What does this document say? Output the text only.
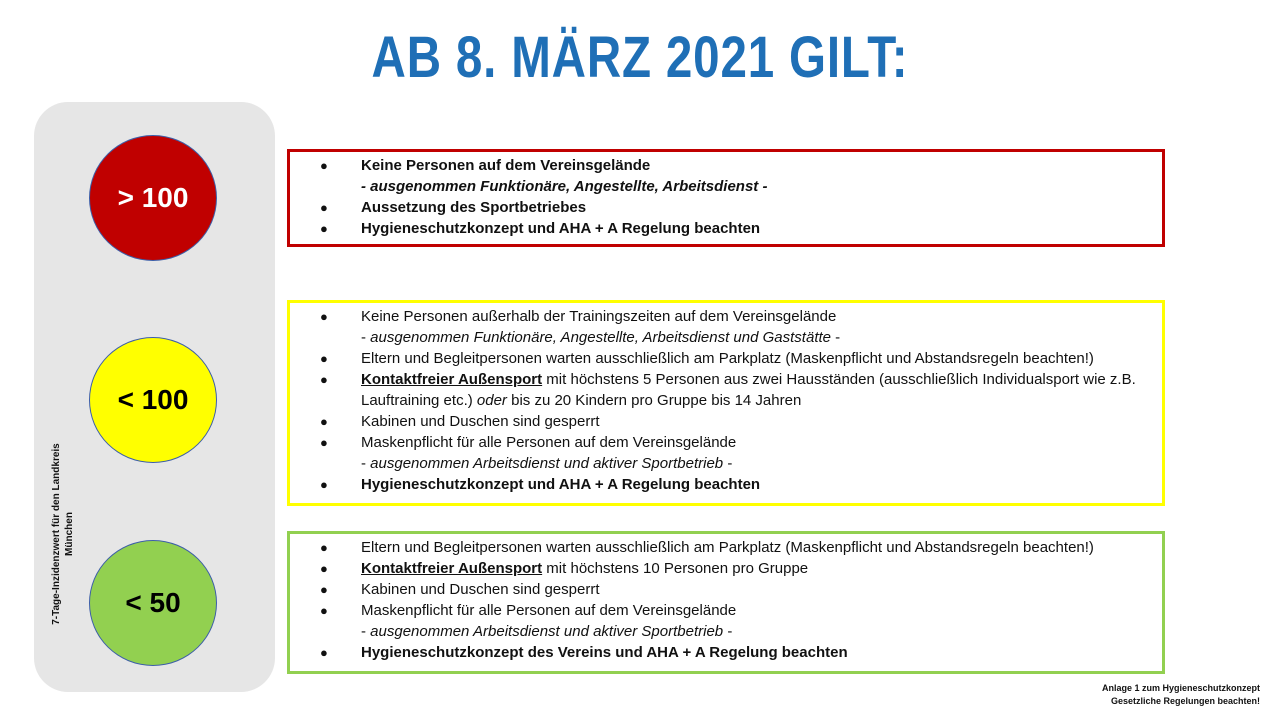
AB 8. MÄRZ 2021 GILT:
7-Tage-Inzidenzwert für den Landkreis München
> 100
< 100
< 50
● Keine Personen auf dem Vereinsgelände
- ausgenommen Funktionäre, Angestellte, Arbeitsdienst -
● Aussetzung des Sportbetriebes
● Hygieneschutzkonzept und AHA + A Regelung beachten
● Keine Personen außerhalb der Trainingszeiten auf dem Vereinsgelände
- ausgenommen Funktionäre, Angestellte, Arbeitsdienst und Gaststätte -
● Eltern und Begleitpersonen warten ausschließlich am Parkplatz (Maskenpflicht und Abstandsregeln beachten!)
● Kontaktfreier Außensport mit höchstens 5 Personen aus zwei Hausständen (ausschließlich Individualsport wie z.B. Lauftraining etc.) oder bis zu 20 Kindern pro Gruppe bis 14 Jahren
● Kabinen und Duschen sind gesperrt
● Maskenpflicht für alle Personen auf dem Vereinsgelände
- ausgenommen Arbeitsdienst und aktiver Sportbetrieb -
● Hygieneschutzkonzept und AHA + A Regelung beachten
● Eltern und Begleitpersonen warten ausschließlich am Parkplatz (Maskenpflicht und Abstandsregeln beachten!)
● Kontaktfreier Außensport mit höchstens 10 Personen pro Gruppe
● Kabinen und Duschen sind gesperrt
● Maskenpflicht für alle Personen auf dem Vereinsgelände
- ausgenommen Arbeitsdienst und aktiver Sportbetrieb -
● Hygieneschutzkonzept des Vereins und AHA + A Regelung beachten
Anlage 1 zum Hygieneschutzkonzept
Gesetzliche Regelungen beachten!
